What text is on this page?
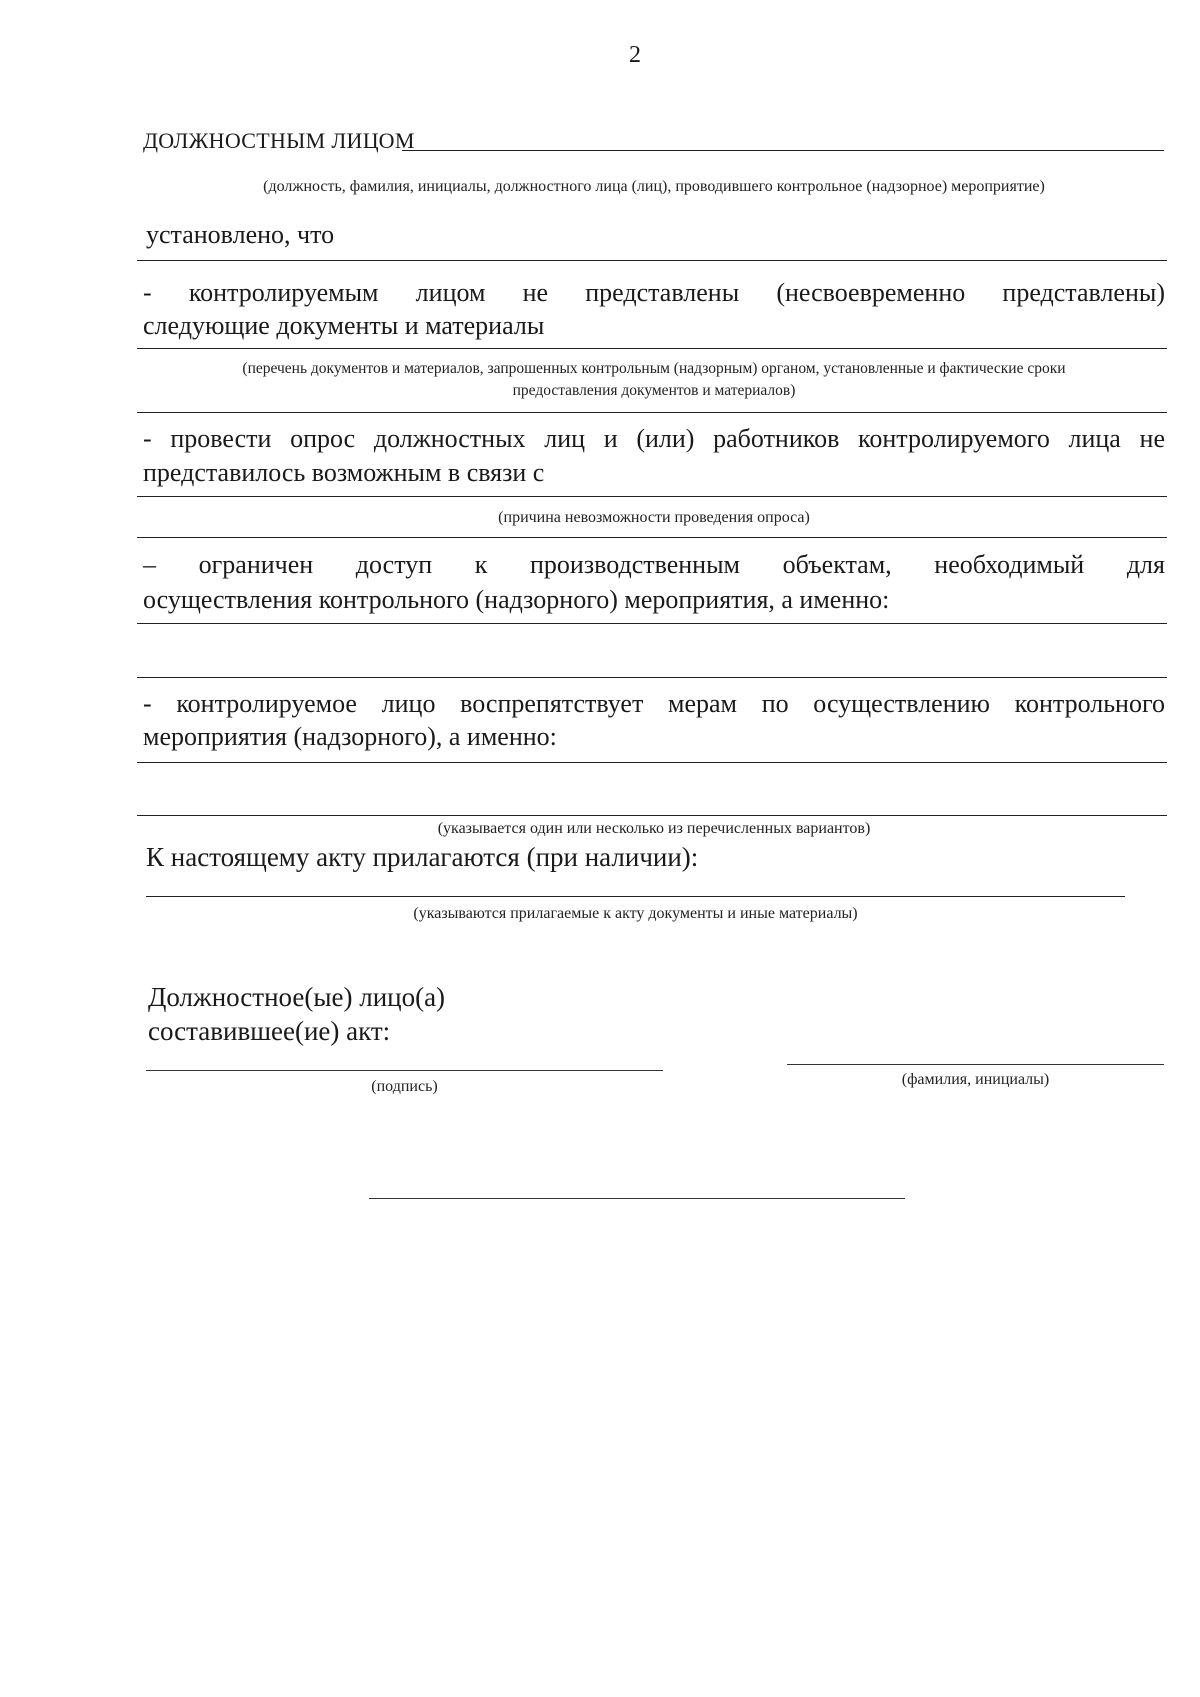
2
ДОЛЖНОСТНЫМ ЛИЦОМ
(должность, фамилия, инициалы, должностного лица (лиц), проводившего контрольное (надзорное) мероприятие)
установлено, что
- контролируемым лицом не представлены (несвоевременно представлены)
следующие документы и материалы
(перечень документов и материалов, запрошенных контрольным (надзорным) органом, установленные и фактические сроки
предоставления документов и материалов)
- провести опрос должностных лиц и (или) работников контролируемого лица не
представилось возможным в связи с
(причина невозможности проведения опроса)
– ограничен доступ к производственным объектам, необходимый для
осуществления контрольного (надзорного) мероприятия, а именно:
- контролируемое лицо воспрепятствует мерам по осуществлению контрольного
мероприятия (надзорного), а именно:
(указывается один или несколько из перечисленных вариантов)
К настоящему акту прилагаются (при наличии):
(указываются прилагаемые к акту документы и иные материалы)
Должностное(ые) лицо(а)
составившее(ие) акт:
(подпись)	(фамилия, инициалы)
